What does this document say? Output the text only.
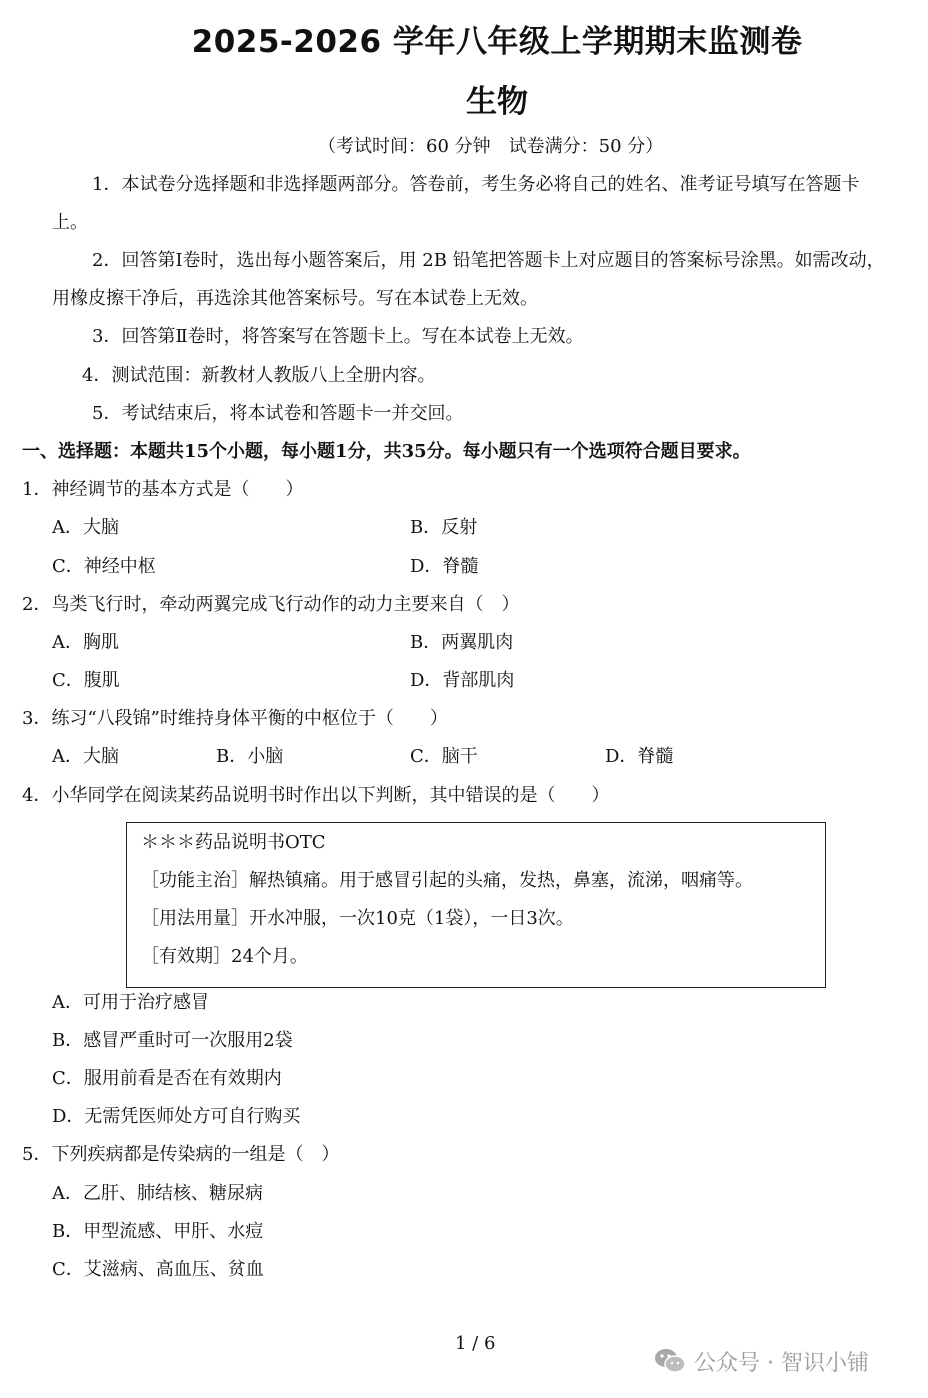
2025-2026 学年八年级上学期期末监测卷
生物
（考试时间：60 分钟　试卷满分：50 分）
1．本试卷分选择题和非选择题两部分。答卷前，考生务必将自己的姓名、准考证号填写在答题卡
上。
2．回答第Ⅰ卷时，选出每小题答案后，用 2B 铅笔把答题卡上对应题目的答案标号涂黑。如需改动，
用橡皮擦干净后，再选涂其他答案标号。写在本试卷上无效。
3．回答第Ⅱ卷时，将答案写在答题卡上。写在本试卷上无效。
4．测试范围：新教材人教版八上全册内容。
5．考试结束后，将本试卷和答题卡一并交回。
一、选择题：本题共15个小题，每小题1分，共35分。每小题只有一个选项符合题目要求。
1．神经调节的基本方式是（　　）
A．大脑	B．反射
C．神经中枢	D．脊髓
2．鸟类飞行时，牵动两翼完成飞行动作的动力主要来自（　）
A．胸肌	B．两翼肌肉
C．腹肌	D．背部肌肉
3．练习“八段锦”时维持身体平衡的中枢位于（　　）
A．大脑	B．小脑	C．脑干	D．脊髓
4．小华同学在阅读某药品说明书时作出以下判断，其中错误的是（　　）
＊＊＊药品说明书OTC
［功能主治］解热镇痛。用于感冒引起的头痛，发热，鼻塞，流涕，咽痛等。
［用法用量］开水冲服，一次10克（1袋），一日3次。
［有效期］24个月。
A．可用于治疗感冒
B．感冒严重时可一次服用2袋
C．服用前看是否在有效期内
D．无需凭医师处方可自行购买
5．下列疾病都是传染病的一组是（　）
A．乙肝、肺结核、糖尿病
B．甲型流感、甲肝、水痘
C．艾滋病、高血压、贫血
1 / 6
公众号 · 智识小铺
